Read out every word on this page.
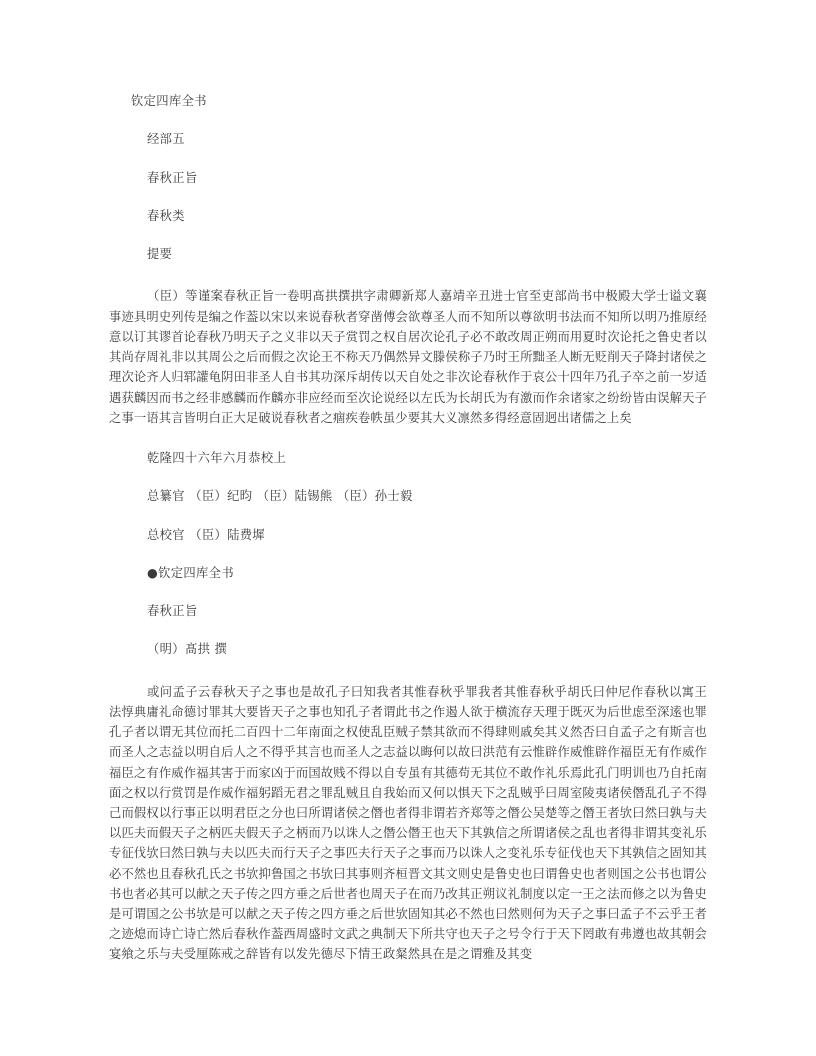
钦定四库全书
经部五
春秋正旨
春秋类
提要

（臣）等谨案春秋正旨一卷明髙拱撰拱字肃卿新郑人嘉靖辛丑进士官至吏部尚书中极殿大学士谥文襄事迹具明史列传是编之作葢以宋以来说春秋者穿凿傅会欲尊圣人而不知所以尊欲明书法而不知所以明乃推原经意以订其谬首论春秋乃明天子之义非以天子赏罚之权自居次论孔子必不敢改周正朔而用夏时次论托之鲁史者以其尚存周礼非以其周公之后而假之次论王不称天乃偶然异文滕侯称子乃时王所黜圣人断无贬削天子降封诸侯之理次论齐人归郓讙龟阴田非圣人自书其功深斥胡传以天自处之非次论春秋作于哀公十四年乃孔子卒之前一岁适遇获麟因而书之经非感麟而作麟亦非应经而至次论说经以左氏为长胡氏为有激而作余诸家之纷纷皆由误解天子之事一语其言皆明白正大足破说春秋者之痼疾卷帙虽少要其大义凛然多得经意固迥出诸儒之上矣

乾隆四十六年六月恭校上
总纂官 （臣）纪昀 （臣）陆锡熊 （臣）孙士毅
总校官 （臣）陆费墀
●钦定四库全书
春秋正旨
（明）髙拱 撰

或问孟子云春秋天子之事也是故孔子曰知我者其惟春秋乎罪我者其惟春秋乎胡氏曰仲尼作春秋以寓王法惇典庸礼命德讨罪其大要皆天子之事也知孔子者谓此书之作遏人欲于横流存天理于既灭为后世虑至深逺也罪孔子者以谓无其位而托二百四十二年南面之权使乱臣贼子禁其欲而不得肆则戚矣其义然否曰自孟子之有斯言也而圣人之志益以明自后人之不得乎其言也而圣人之志益以晦何以故曰洪范有云惟辟作威惟辟作福臣无有作威作福臣之有作威作福其害于而家凶于而国故贱不得以自专虽有其德苟无其位不敢作礼乐焉此孔门明训也乃自托南面之权以行赏罚是作威作福躬蹈无君之罪乱贼且自我始而又何以惧天下之乱贼乎曰周室陵夷诸侯僭乱孔子不得己而假权以行事正以明君臣之分也曰所谓诸侯之僭也者得非谓若齐郑等之僭公吴楚等之僭王者欤曰然曰孰与夫以匹夫而假天子之柄匹夫假天子之柄而乃以诛人之僭公僭王也天下其孰信之所谓诸侯之乱也者得非谓其变礼乐专征伐欤曰然曰孰与夫以匹夫而行天子之事匹夫行天子之事而乃以诛人之变礼乐专征伐也天下其孰信之固知其必不然也且春秋孔氏之书欤抑鲁国之书欤曰其事则齐桓晋文其文则史是鲁史也曰谓鲁史也者则国之公书也谓公书也者必其可以献之天子传之四方垂之后世者也周天子在而乃改其正朔议礼制度以定一王之法而修之以为鲁史是可谓国之公书欤是可以献之天子传之四方垂之后世欤固知其必不然也曰然则何为天子之事曰孟子不云乎王者之迹熄而诗亡诗亡然后春秋作葢西周盛时文武之典制天下所共守也天子之号令行于天下罔敢有弗遵也故其朝会宴飨之乐与夫受厘陈戒之辞皆有以发先德尽下情王政粲然具在是之谓雅及其变
